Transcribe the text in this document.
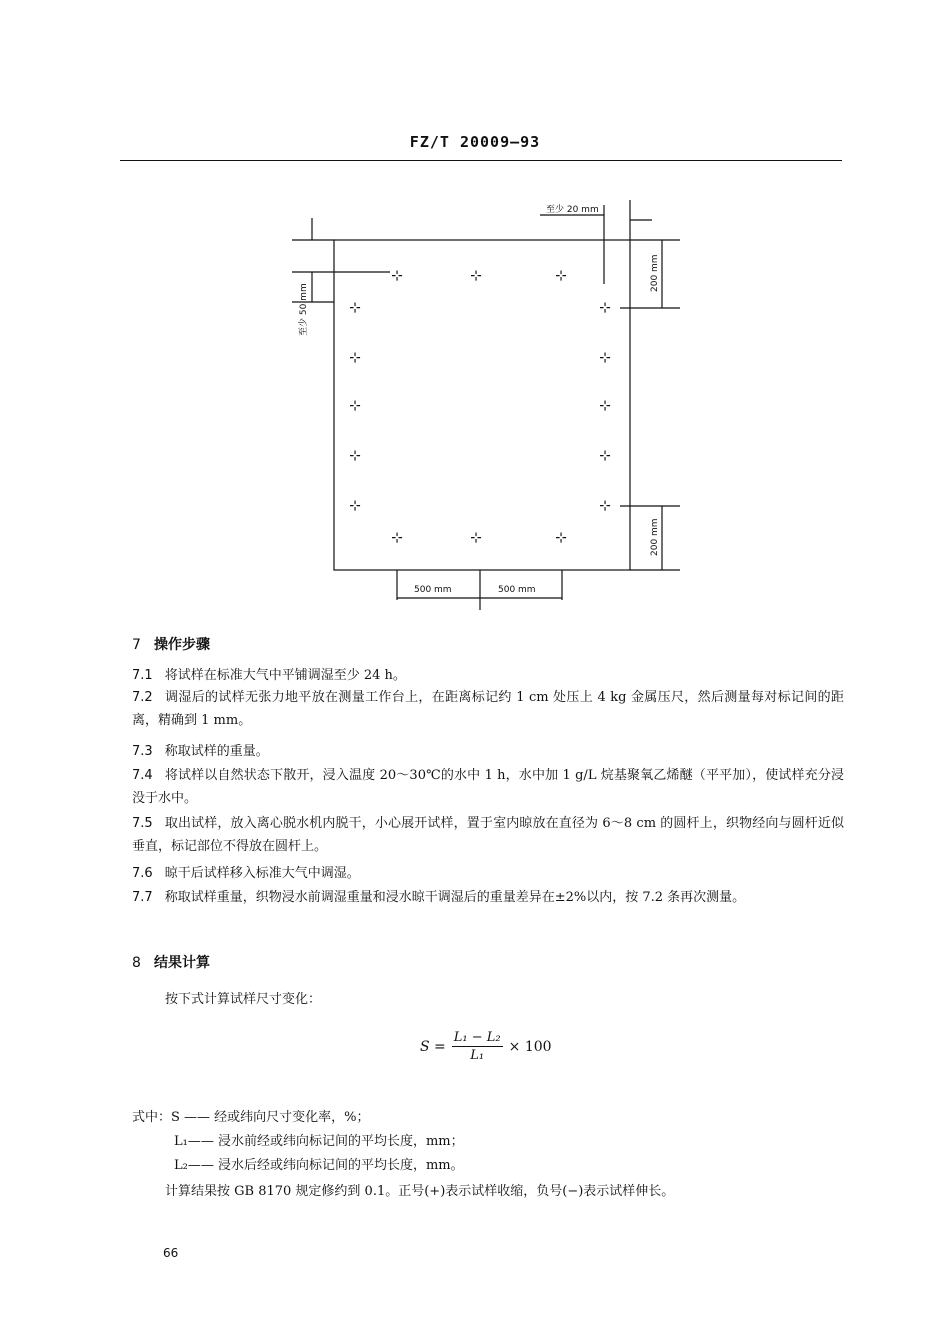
FZ/T 20009—93
⊹	⊹	⊹
⊹	⊹
⊹	⊹
⊹	⊹
⊹	⊹
⊹	⊹
⊹	⊹	⊹
至少 20 mm
至少 50 mm
200 mm
200 mm
500 mm	500 mm
7 操作步骤
7.1 将试样在标准大气中平铺调湿至少 24 h。
7.2 调湿后的试样无张力地平放在测量工作台上，在距离标记约 1 cm 处压上 4 kg 金属压尺，然后测量每对标记间的距离，精确到 1 mm。
7.3 称取试样的重量。
7.4 将试样以自然状态下散开，浸入温度 20～30℃的水中 1 h，水中加 1 g/L 烷基聚氧乙烯醚（平平加），使试样充分浸没于水中。
7.5 取出试样，放入离心脱水机内脱干，小心展开试样，置于室内晾放在直径为 6～8 cm 的圆杆上，织物经向与圆杆近似垂直，标记部位不得放在圆杆上。
7.6 晾干后试样移入标准大气中调湿。
7.7 称取试样重量，织物浸水前调湿重量和浸水晾干调湿后的重量差异在±2%以内，按 7.2 条再次测量。
8 结果计算
按下式计算试样尺寸变化：
$S = \frac{\text{L₁ − L₂}}{\text{L₁}} \times 100$
式中：S —— 经或纬向尺寸变化率，%；
L₁—— 浸水前经或纬向标记间的平均长度，mm；
L₂—— 浸水后经或纬向标记间的平均长度，mm。
计算结果按 GB 8170 规定修约到 0.1。正号(+)表示试样收缩，负号(−)表示试样伸长。
66
